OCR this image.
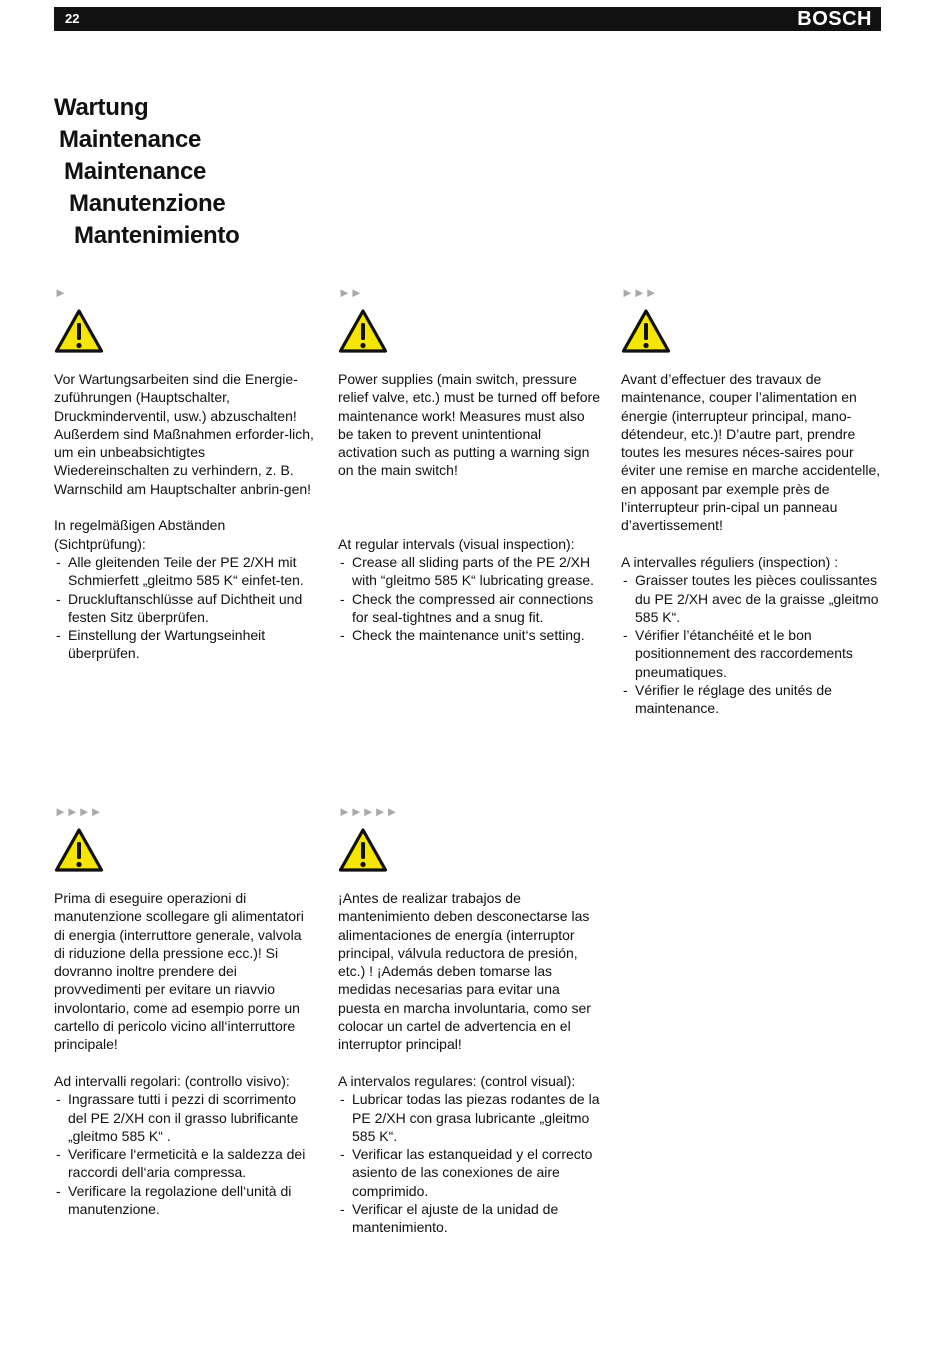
22	BOSCH
Wartung
Maintenance
Maintenance
Manutenzione
Mantenimiento
►

Vor Wartungsarbeiten sind die Energie-zuführungen (Hauptschalter, Druckminderventil, usw.) abzuschalten! Außerdem sind Maßnahmen erforder-lich, um ein unbeabsichtigtes Wiedereinschalten zu verhindern, z. B. Warnschild am Hauptschalter anbrin-gen!

In regelmäßigen Abständen (Sichtprüfung):

- Alle gleitenden Teile der PE 2/XH mit Schmierfett „gleitmo 585 K“ einfet-ten.
- Druckluftanschlüsse auf Dichtheit und festen Sitz überprüfen.
- Einstellung der Wartungseinheit überprüfen.
►►

Power supplies (main switch, pressure relief valve, etc.) must be turned off before maintenance work! Measures must also be taken to prevent unintentional activation such as putting a warning sign on the main switch!

At regular intervals (visual inspection):

- Crease all sliding parts of the PE 2/XH with “gleitmo 585 K“ lubricating grease.
- Check the compressed air connections for seal-tightnes and a snug fit.
- Check the maintenance unit‘s setting.
►►►

Avant d’effectuer des travaux de maintenance, couper l’alimentation en énergie (interrupteur principal, mano-détendeur, etc.)! D’autre part, prendre toutes les mesures néces-saires pour éviter une remise en marche accidentelle, en apposant par exemple près de l’interrupteur prin-cipal un panneau d’avertissement!

A intervalles réguliers (inspection) :

- Graisser toutes les pièces coulissantes du PE 2/XH avec de la graisse „gleitmo 585 K“.
- Vérifier l’étanchéité et le bon positionnement des raccordements pneumatiques.
- Vérifier le réglage des unités de maintenance.
►►►►

Prima di eseguire operazioni di manutenzione scollegare gli alimentatori di energia (interruttore generale, valvola di riduzione della pressione ecc.)! Si dovranno inoltre prendere dei provvedimenti per evitare un riavvio involontario, come ad esempio porre un cartello di pericolo vicino all‘interruttore principale!

Ad intervalli regolari: (controllo visivo):

- Ingrassare tutti i pezzi di scorrimento del PE 2/XH con il grasso lubrificante „gleitmo 585 K“ .
- Verificare l‘ermeticità e la saldezza dei raccordi dell‘aria compressa.
- Verificare la regolazione dell‘unità di manutenzione.
►►►►►

¡Antes de realizar trabajos de mantenimiento deben desconectarse las alimentaciones de energía (interruptor principal, válvula reductora de presión, etc.) ! ¡Además deben tomarse las medidas necesarias para evitar una puesta en marcha involuntaria, como ser colocar un cartel de advertencia en el interruptor principal!

A intervalos regulares: (control visual):

- Lubricar todas las piezas rodantes de la PE 2/XH con grasa lubricante „gleitmo 585 K“.
- Verificar las estanqueidad y el correcto asiento de las conexiones de aire comprimido.
- Verificar el ajuste de la unidad de mantenimiento.
